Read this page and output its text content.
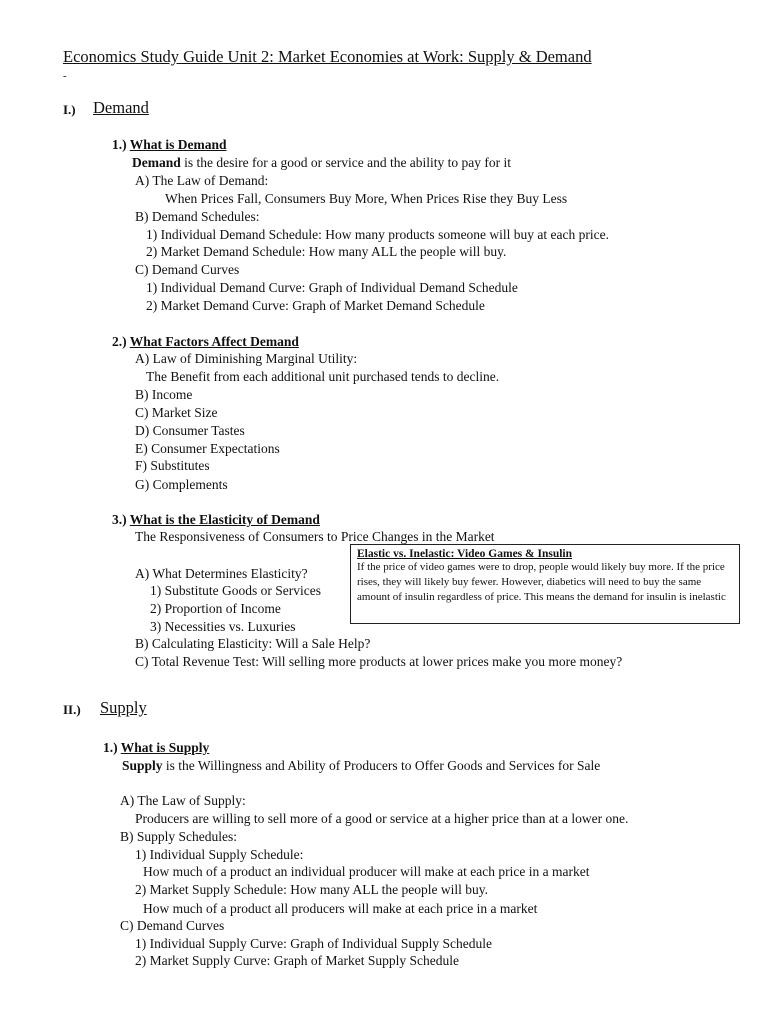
Economics Study Guide Unit 2: Market Economies at Work: Supply & Demand
-
I.) Demand
1.) What is Demand
Demand is the desire for a good or service and the ability to pay for it
A) The Law of Demand:
When Prices Fall, Consumers Buy More, When Prices Rise they Buy Less
B) Demand Schedules:
1) Individual Demand Schedule: How many products someone will buy at each price.
2) Market Demand Schedule: How many ALL the people will buy.
C) Demand Curves
1) Individual Demand Curve: Graph of Individual Demand Schedule
2) Market Demand Curve: Graph of Market Demand Schedule
2.) What Factors Affect Demand
A) Law of Diminishing Marginal Utility:
The Benefit from each additional unit purchased tends to decline.
B) Income
C) Market Size
D) Consumer Tastes
E) Consumer Expectations
F) Substitutes
G) Complements
3.) What is the Elasticity of Demand
The Responsiveness of Consumers to Price Changes in the Market
A) What Determines Elasticity?
1) Substitute Goods or Services
2) Proportion of Income
3) Necessities vs. Luxuries
B) Calculating Elasticity: Will a Sale Help?
C) Total Revenue Test: Will selling more products at lower prices make you more money?
Elastic vs. Inelastic: Video Games & Insulin
If the price of video games were to drop, people would likely buy more. If the price rises, they will likely buy fewer. However, diabetics will need to buy the same amount of insulin regardless of price. This means the demand for insulin is inelastic
II.) Supply
1.) What is Supply
Supply is the Willingness and Ability of Producers to Offer Goods and Services for Sale
A) The Law of Supply:
Producers are willing to sell more of a good or service at a higher price than at a lower one.
B) Supply Schedules:
1) Individual Supply Schedule:
How much of a product an individual producer will make at each price in a market
2) Market Supply Schedule: How many ALL the people will buy.
How much of a product all producers will make at each price in a market
C) Demand Curves
1) Individual Supply Curve: Graph of Individual Supply Schedule
2) Market Supply Curve: Graph of Market Supply Schedule
